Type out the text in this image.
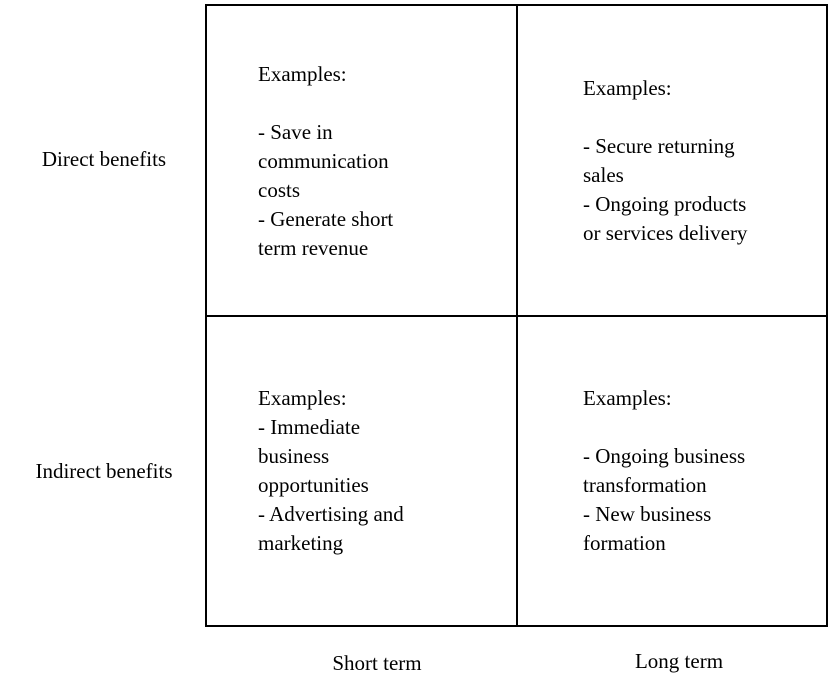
Direct benefits
Indirect benefits
Examples:

- Save in
communication
costs
- Generate short
term revenue
Examples:

- Secure returning
sales
- Ongoing products
or services delivery
Examples:
- Immediate
business
opportunities
- Advertising and
marketing
Examples:

- Ongoing business
transformation
- New business
formation
Short term	Long term
